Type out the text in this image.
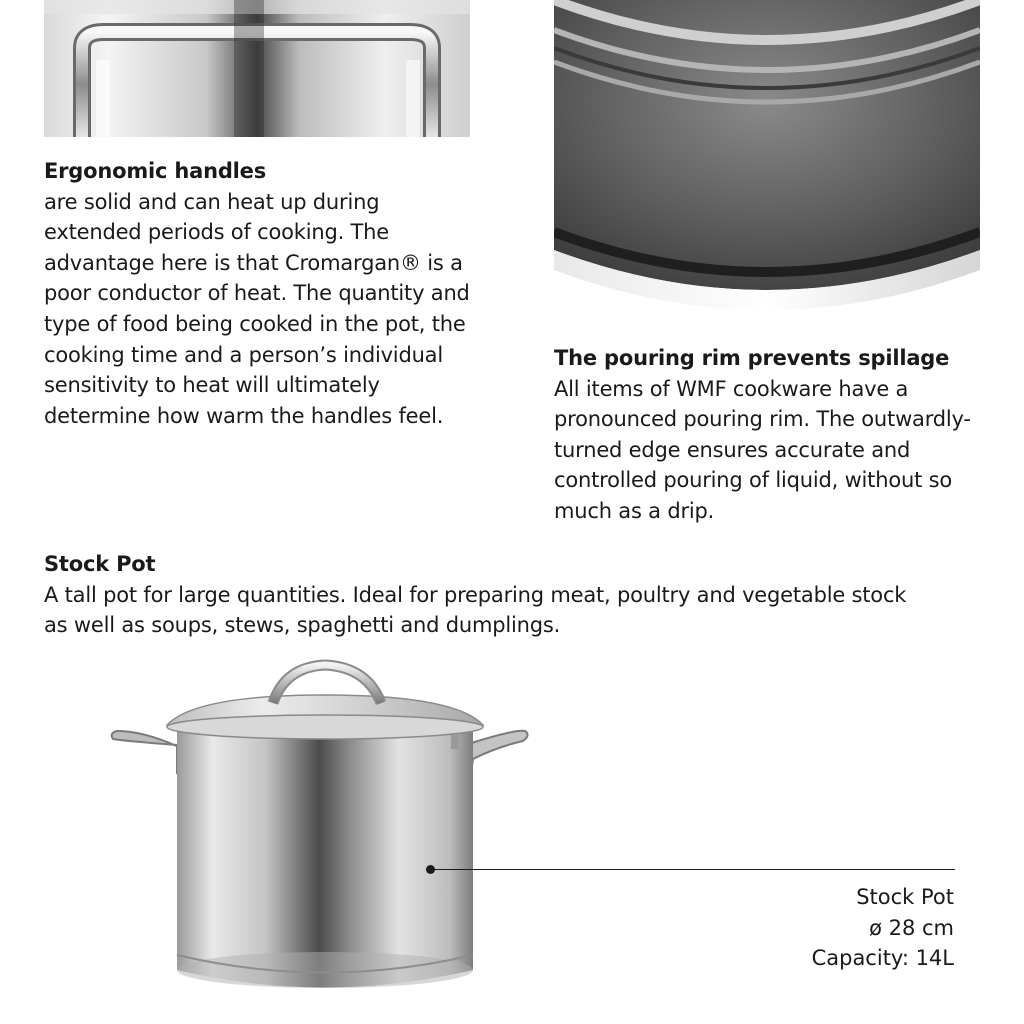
Ergonomic handles

are solid and can heat up during extended periods of cooking. The advantage here is that Cromargan® is a poor conductor of heat. The quantity and type of food being cooked in the pot, the cooking time and a person’s individual sensitivity to heat will ultimately determine how warm the handles feel.

The pouring rim prevents spillage

All items of WMF cookware have a pronounced pouring rim. The outwardly-turned edge ensures accurate and controlled pouring of liquid, without so much as a drip.

Stock Pot

A tall pot for large quantities. Ideal for preparing meat, poultry and vegetable stock as well as soups, stews, spaghetti and dumplings.

Stock Pot
ø 28 cm
Capacity: 14L
